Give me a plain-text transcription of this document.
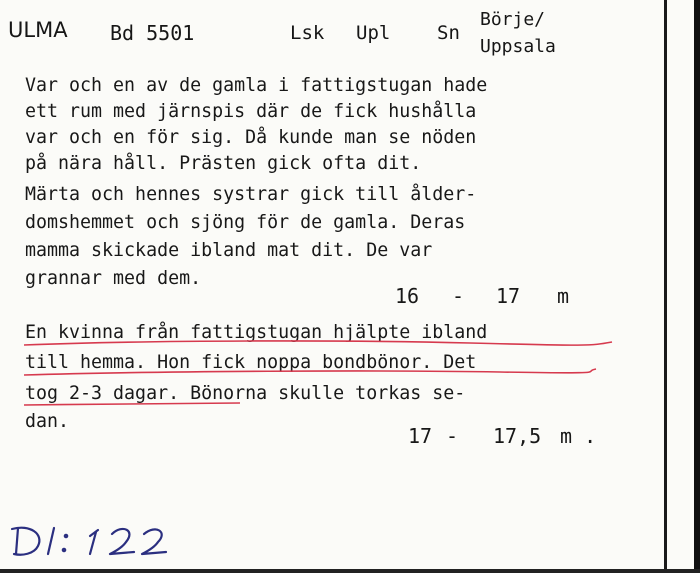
ULMA Bd 5501	Lsk Upl Sn
Börje/
Uppsala
Var och en av de gamla i fattigstugan hade
ett rum med järnspis där de fick hushålla
var och en för sig. Då kunde man se nöden
på nära håll. Prästen gick ofta dit.
Märta och hennes systrar gick till ålder-
domshemmet och sjöng för de gamla. Deras
mamma skickade ibland mat dit. De var
grannar med dem.
16 - 17 m
En kvinna från fattigstugan hjälpte ibland
till hemma. Hon fick noppa bondbönor. Det
tog 2-3 dagar. Bönorna skulle torkas se-
dan.
17 - 17,5 m .
